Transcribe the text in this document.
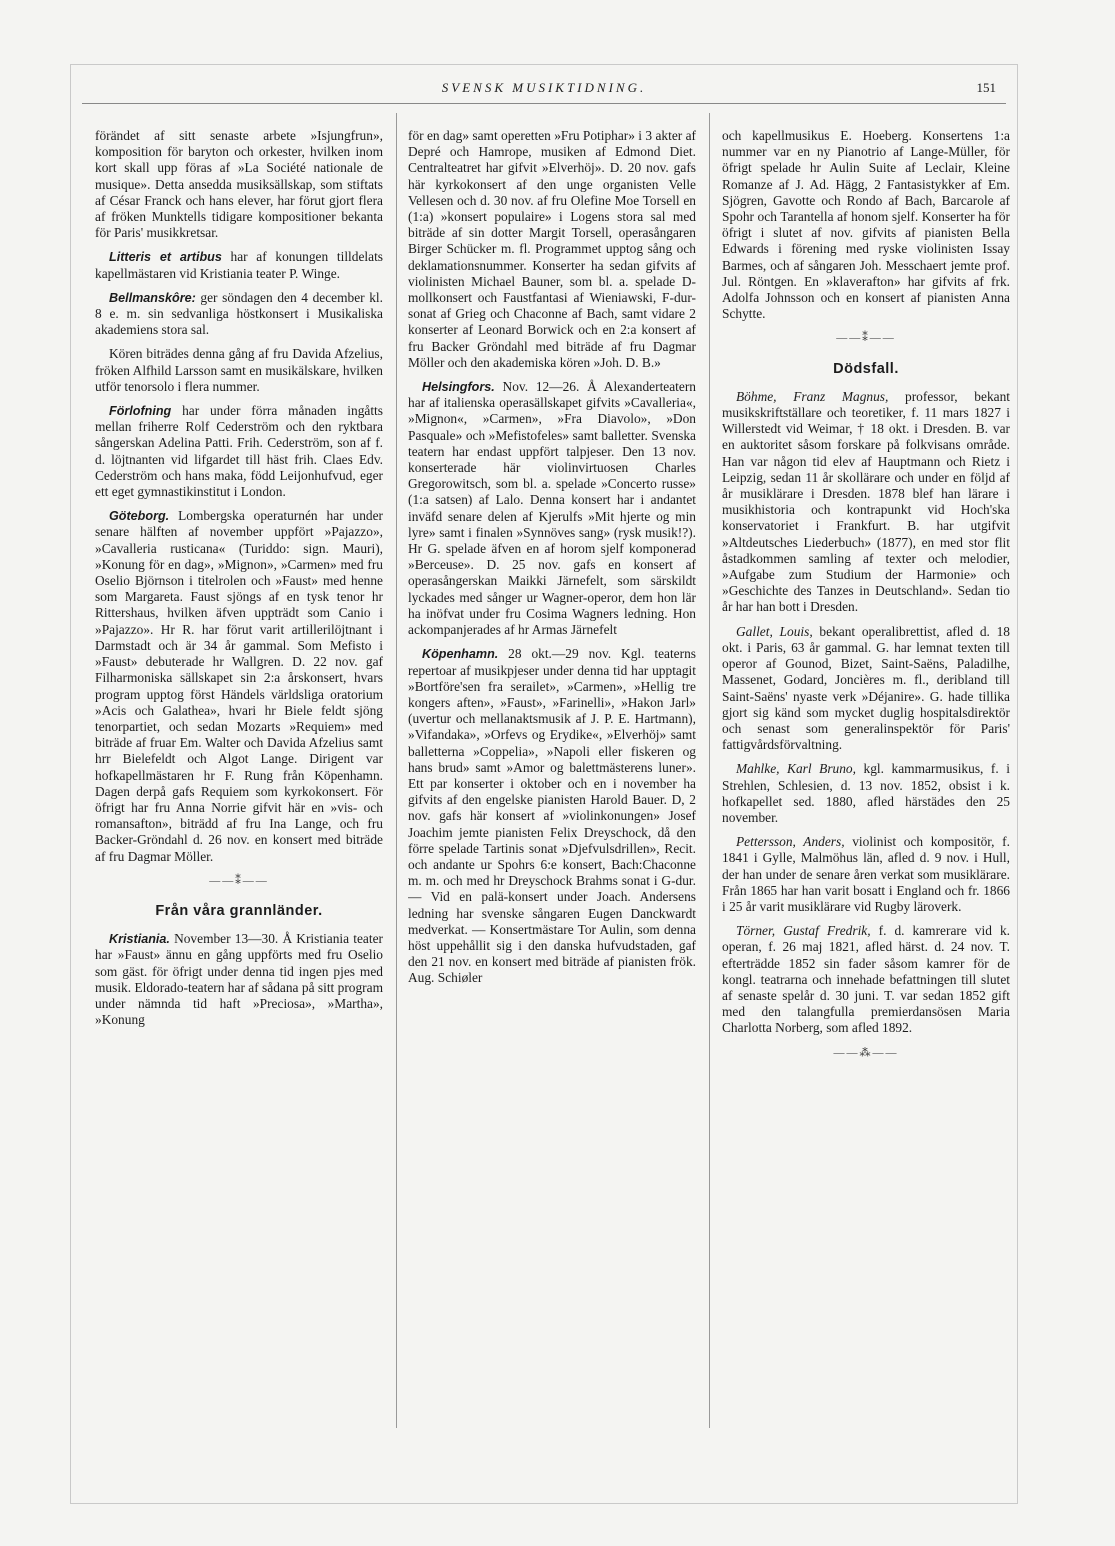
SVENSK MUSIKTIDNING.	151

förändet af sitt senaste arbete »Isjungfrun», komposition för baryton och orkester, hvilken inom kort skall upp föras af »La Société nationale de musique». Detta ansedda musiksällskap, som stiftats af César Franck och hans elever, har förut gjort flera af fröken Munktells tidigare kompositioner bekanta för Paris' musikkretsar.

Litteris et artibus har af konungen tilldelats kapellmästaren vid Kristiania teater P. Winge.

Bellmanskôre: ger söndagen den 4 december kl. 8 e. m. sin sedvanliga höstkonsert i Musikaliska akademiens stora sal.

Kören biträdes denna gång af fru Davida Afzelius, fröken Alfhild Larsson samt en musikälskare, hvilken utför tenorsolo i flera nummer.

Förlofning har under förra månaden ingåtts mellan friherre Rolf Cederström och den ryktbara sångerskan Adelina Patti. Frih. Cederström, son af f. d. löjtnanten vid lifgardet till häst frih. Claes Edv. Cederström och hans maka, född Leijonhufvud, eger ett eget gymnastikinstitut i London.

Göteborg. Lombergska operaturnén har under senare hälften af november uppfört »Pajazzo», »Cavalleria rusticana« (Turiddo: sign. Mauri), »Konung för en dag», »Mignon», »Carmen» med fru Oselio Björnson i titelrolen och »Faust» med henne som Margareta. Faust sjöngs af en tysk tenor hr Rittershaus, hvilken äfven uppträdt som Canio i »Pajazzo». Hr R. har förut varit artillerilöjtnant i Darmstadt och är 34 år gammal. Som Mefisto i »Faust» debuterade hr Wallgren. D. 22 nov. gaf Filharmoniska sällskapet sin 2:a årskonsert, hvars program upptog först Händels världsliga oratorium »Acis och Galathea», hvari hr Biele feldt sjöng tenorpartiet, och sedan Mozarts »Requiem» med biträde af fruar Em. Walter och Davida Afzelius samt hrr Bielefeldt och Algot Lange. Dirigent var hofkapellmästaren hr F. Rung från Köpenhamn. Dagen derpå gafs Requiem som kyrkokonsert. För öfrigt har fru Anna Norrie gifvit här en »vis- och romansafton», biträdd af fru Ina Lange, och fru Backer-Gröndahl d. 26 nov. en konsert med biträde af fru Dagmar Möller.

——⁑——
Från våra grannländer.

Kristiania. November 13—30. Å Kristiania teater har »Faust» ännu en gång uppförts med fru Oselio som gäst. för öfrigt under denna tid ingen pjes med musik. Eldorado-teatern har af sådana på sitt program under nämnda tid haft »Preciosa», »Martha», »Konung

för en dag» samt operetten »Fru Potiphar» i 3 akter af Depré och Hamrope, musiken af Edmond Diet. Centralteatret har gifvit »Elverhöj». D. 20 nov. gafs här kyrkokonsert af den unge organisten Velle Vellesen och d. 30 nov. af fru Olefine Moe Torsell en (1:a) »konsert populaire» i Logens stora sal med biträde af sin dotter Margit Torsell, operasångaren Birger Schücker m. fl. Programmet upptog sång och deklamationsnummer. Konserter ha sedan gifvits af violinisten Michael Bauner, som bl. a. spelade D-mollkonsert och Faustfantasi af Wieniawski, F-dur-sonat af Grieg och Chaconne af Bach, samt vidare 2 konserter af Leonard Borwick och en 2:a konsert af fru Backer Gröndahl med biträde af fru Dagmar Möller och den akademiska kören »Joh. D. B.»

Helsingfors. Nov. 12—26. Å Alexanderteatern har af italienska operasällskapet gifvits »Cavalleria«, »Mignon«, »Carmen», »Fra Diavolo», »Don Pasquale» och »Mefistofeles» samt balletter. Svenska teatern har endast uppfört talpjeser. Den 13 nov. konserterade här violinvirtuosen Charles Gregorowitsch, som bl. a. spelade »Concerto russe» (1:a satsen) af Lalo. Denna konsert har i andantet inväfd senare delen af Kjerulfs »Mit hjerte og min lyre» samt i finalen »Synnöves sang» (rysk musik!?). Hr G. spelade äfven en af horom sjelf komponerad »Berceuse». D. 25 nov. gafs en konsert af operasångerskan Maikki Järnefelt, som särskildt lyckades med sånger ur Wagner-operor, dem hon lär ha inöfvat under fru Cosima Wagners ledning. Hon ackompanjerades af hr Armas Järnefelt

Köpenhamn. 28 okt.—29 nov. Kgl. teaterns repertoar af musikpjeser under denna tid har upptagit »Bortföre'sen fra serailet», »Carmen», »Hellig tre kongers aften», »Faust», »Farinelli», »Hakon Jarl» (uvertur och mellanaktsmusik af J. P. E. Hartmann), »Vifandaka», »Orfevs og Erydike«, »Elverhöj» samt balletterna »Coppelia», »Napoli eller fiskeren og hans brud» samt »Amor og balettmästerens luner». Ett par konserter i oktober och en i november ha gifvits af den engelske pianisten Harold Bauer. D, 2 nov. gafs här konsert af »violinkonungen» Josef Joachim jemte pianisten Felix Dreyschock, då den förre spelade Tartinis sonat »Djefvulsdrillen», Recit. och andante ur Spohrs 6:e konsert, Bach:Chaconne m. m. och med hr Dreyschock Brahms sonat i G-dur. — Vid en palä-konsert under Joach. Andersens ledning har svenske sångaren Eugen Danckwardt medverkat. — Konsertmästare Tor Aulin, som denna höst uppehållit sig i den danska hufvudstaden, gaf den 21 nov. en konsert med biträde af pianisten frök. Aug. Schiøler

och kapellmusikus E. Hoeberg. Konsertens 1:a nummer var en ny Pianotrio af Lange-Müller, för öfrigt spelade hr Aulin Suite af Leclair, Kleine Romanze af J. Ad. Hägg, 2 Fantasistykker af Em. Sjögren, Gavotte och Rondo af Bach, Barcarole af Spohr och Tarantella af honom sjelf. Konserter ha för öfrigt i slutet af nov. gifvits af pianisten Bella Edwards i förening med ryske violinisten Issay Barmes, och af sångaren Joh. Messchaert jemte prof. Jul. Röntgen. En »klaverafton» har gifvits af frk. Adolfa Johnsson och en konsert af pianisten Anna Schytte.

——⁑——
Dödsfall.

Böhme, Franz Magnus, professor, bekant musikskriftställare och teoretiker, f. 11 mars 1827 i Willerstedt vid Weimar, † 18 okt. i Dresden. B. var en auktoritet såsom forskare på folkvisans område. Han var någon tid elev af Hauptmann och Rietz i Leipzig, sedan 11 år skollärare och under en följd af år musiklärare i Dresden. 1878 blef han lärare i musikhistoria och kontrapunkt vid Hoch'ska konservatoriet i Frankfurt. B. har utgifvit »Altdeutsches Liederbuch» (1877), en med stor flit åstadkommen samling af texter och melodier, »Aufgabe zum Studium der Harmonie» och »Geschichte des Tanzes in Deutschland». Sedan tio år har han bott i Dresden.

Gallet, Louis, bekant operalibrettist, afled d. 18 okt. i Paris, 63 år gammal. G. har lemnat texten till operor af Gounod, Bizet, Saint-Saëns, Paladilhe, Massenet, Godard, Joncières m. fl., deribland till Saint-Saëns' nyaste verk »Déjanire». G. hade tillika gjort sig känd som mycket duglig hospitalsdirektör och senast som generalinspektör för Paris' fattigvårdsförvaltning.

Mahlke, Karl Bruno, kgl. kammarmusikus, f. i Strehlen, Schlesien, d. 13 nov. 1852, obsist i k. hofkapellet sed. 1880, afled härstädes den 25 november.

Pettersson, Anders, violinist och kompositör, f. 1841 i Gylle, Malmöhus län, afled d. 9 nov. i Hull, der han under de senare åren verkat som musiklärare. Från 1865 har han varit bosatt i England och fr. 1866 i 25 år varit musiklärare vid Rugby läroverk.

Törner, Gustaf Fredrik, f. d. kamrerare vid k. operan, f. 26 maj 1821, afled härst. d. 24 nov. T. efterträdde 1852 sin fader såsom kamrer för de kongl. teatrarna och innehade befattningen till slutet af senaste spelår d. 30 juni. T. var sedan 1852 gift med den talangfulla premierdansösen Maria Charlotta Norberg, som afled 1892.

——⁂——
